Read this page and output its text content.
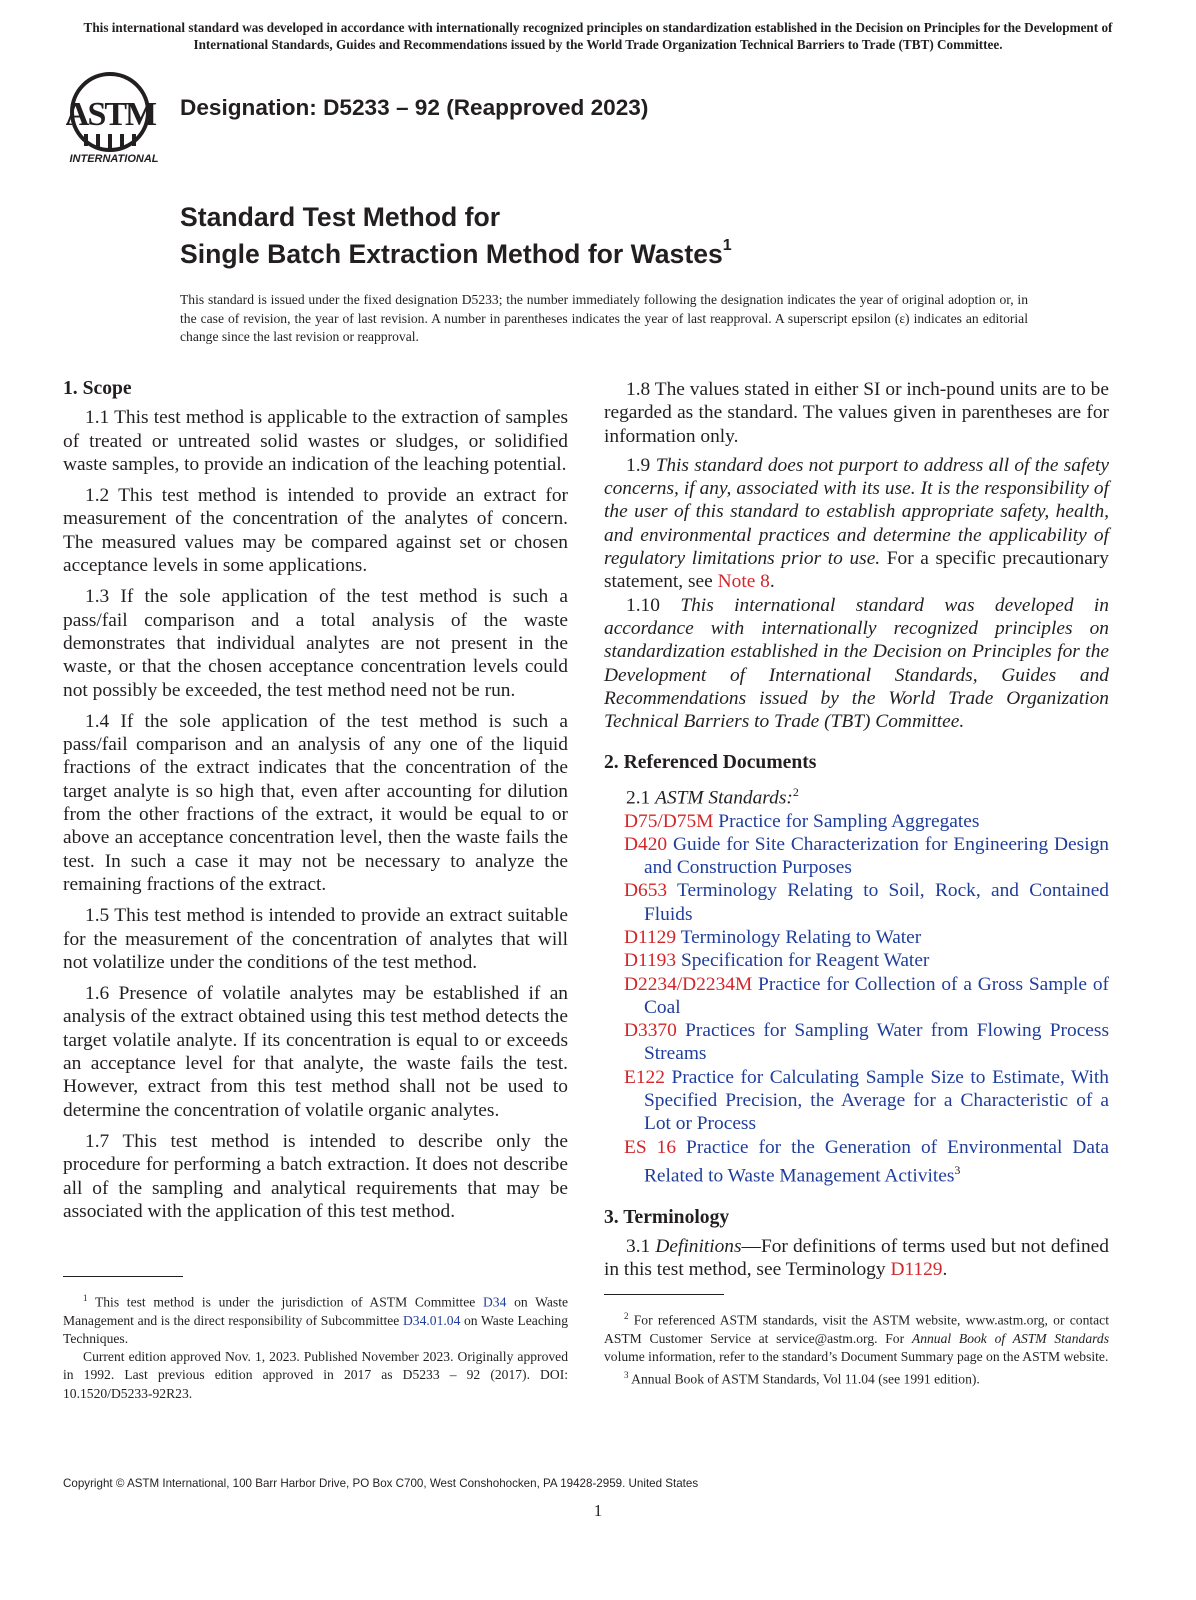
This international standard was developed in accordance with internationally recognized principles on standardization established in the Decision on Principles for the Development of International Standards, Guides and Recommendations issued by the World Trade Organization Technical Barriers to Trade (TBT) Committee.
ASTM
INTERNATIONAL
Designation: D5233 – 92 (Reapproved 2023)
Standard Test Method for
Single Batch Extraction Method for Wastes$^1$
This standard is issued under the fixed designation D5233; the number immediately following the designation indicates the year of original adoption or, in the case of revision, the year of last revision. A number in parentheses indicates the year of last reapproval. A superscript epsilon (ε) indicates an editorial change since the last revision or reapproval.

1. Scope

1.1 This test method is applicable to the extraction of samples of treated or untreated solid wastes or sludges, or solidified waste samples, to provide an indication of the leaching potential.

1.2 This test method is intended to provide an extract for measurement of the concentration of the analytes of concern. The measured values may be compared against set or chosen acceptance levels in some applications.

1.3 If the sole application of the test method is such a pass/fail comparison and a total analysis of the waste demonstrates that individual analytes are not present in the waste, or that the chosen acceptance concentration levels could not possibly be exceeded, the test method need not be run.

1.4 If the sole application of the test method is such a pass/fail comparison and an analysis of any one of the liquid fractions of the extract indicates that the concentration of the target analyte is so high that, even after accounting for dilution from the other fractions of the extract, it would be equal to or above an acceptance concentration level, then the waste fails the test. In such a case it may not be necessary to analyze the remaining fractions of the extract.

1.5 This test method is intended to provide an extract suitable for the measurement of the concentration of analytes that will not volatilize under the conditions of the test method.

1.6 Presence of volatile analytes may be established if an analysis of the extract obtained using this test method detects the target volatile analyte. If its concentration is equal to or exceeds an acceptance level for that analyte, the waste fails the test. However, extract from this test method shall not be used to determine the concentration of volatile organic analytes.

1.7 This test method is intended to describe only the procedure for performing a batch extraction. It does not describe all of the sampling and analytical requirements that may be associated with the application of this test method.

1.8 The values stated in either SI or inch-pound units are to be regarded as the standard. The values given in parentheses are for information only.

1.9 This standard does not purport to address all of the safety concerns, if any, associated with its use. It is the responsibility of the user of this standard to establish appropriate safety, health, and environmental practices and determine the applicability of regulatory limitations prior to use. For a specific precautionary statement, see Note 8.

1.10 This international standard was developed in accordance with internationally recognized principles on standardization established in the Decision on Principles for the Development of International Standards, Guides and Recommendations issued by the World Trade Organization Technical Barriers to Trade (TBT) Committee.

2. Referenced Documents

2.1 ASTM Standards:$^2$

D75/D75M Practice for Sampling Aggregates
D420 Guide for Site Characterization for Engineering Design and Construction Purposes
D653 Terminology Relating to Soil, Rock, and Contained Fluids
D1129 Terminology Relating to Water
D1193 Specification for Reagent Water
D2234/D2234M Practice for Collection of a Gross Sample of Coal
D3370 Practices for Sampling Water from Flowing Process Streams
E122 Practice for Calculating Sample Size to Estimate, With Specified Precision, the Average for a Characteristic of a Lot or Process
ES 16 Practice for the Generation of Environmental Data Related to Waste Management Activites$^3$

3. Terminology

3.1 Definitions—For definitions of terms used but not defined in this test method, see Terminology D1129.

$^1$ This test method is under the jurisdiction of ASTM Committee D34 on Waste Management and is the direct responsibility of Subcommittee D34.01.04 on Waste Leaching Techniques.

Current edition approved Nov. 1, 2023. Published November 2023. Originally approved in 1992. Last previous edition approved in 2017 as D5233 – 92 (2017). DOI: 10.1520/D5233-92R23.

$^2$ For referenced ASTM standards, visit the ASTM website, www.astm.org, or contact ASTM Customer Service at service@astm.org. For Annual Book of ASTM Standards volume information, refer to the standard’s Document Summary page on the ASTM website.

$^3$ Annual Book of ASTM Standards, Vol 11.04 (see 1991 edition).

Copyright © ASTM International, 100 Barr Harbor Drive, PO Box C700, West Conshohocken, PA 19428-2959. United States
1
